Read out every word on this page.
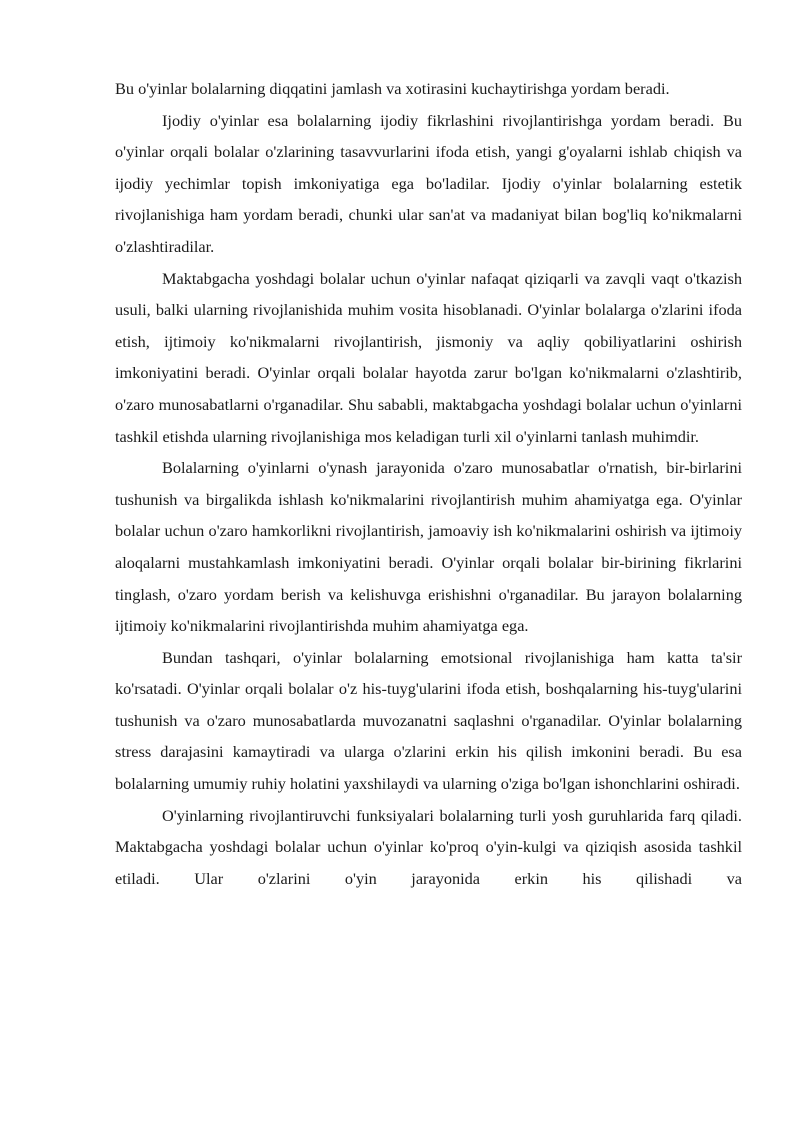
Bu o'yinlar bolalarning diqqatini jamlash va xotirasini kuchaytirishga yordam beradi.

Ijodiy o'yinlar esa bolalarning ijodiy fikrlashini rivojlantirishga yordam beradi. Bu o'yinlar orqali bolalar o'zlarining tasavvurlarini ifoda etish, yangi g'oyalarni ishlab chiqish va ijodiy yechimlar topish imkoniyatiga ega bo'ladilar. Ijodiy o'yinlar bolalarning estetik rivojlanishiga ham yordam beradi, chunki ular san'at va madaniyat bilan bog'liq ko'nikmalarni o'zlashtiradilar.

Maktabgacha yoshdagi bolalar uchun o'yinlar nafaqat qiziqarli va zavqli vaqt o'tkazish usuli, balki ularning rivojlanishida muhim vosita hisoblanadi. O'yinlar bolalarga o'zlarini ifoda etish, ijtimoiy ko'nikmalarni rivojlantirish, jismoniy va aqliy qobiliyatlarini oshirish imkoniyatini beradi. O'yinlar orqali bolalar hayotda zarur bo'lgan ko'nikmalarni o'zlashtirib, o'zaro munosabatlarni o'rganadilar. Shu sababli, maktabgacha yoshdagi bolalar uchun o'yinlarni tashkil etishda ularning rivojlanishiga mos keladigan turli xil o'yinlarni tanlash muhimdir.

Bolalarning o'yinlarni o'ynash jarayonida o'zaro munosabatlar o'rnatish, bir-birlarini tushunish va birgalikda ishlash ko'nikmalarini rivojlantirish muhim ahamiyatga ega. O'yinlar bolalar uchun o'zaro hamkorlikni rivojlantirish, jamoaviy ish ko'nikmalarini oshirish va ijtimoiy aloqalarni mustahkamlash imkoniyatini beradi. O'yinlar orqali bolalar bir-birining fikrlarini tinglash, o'zaro yordam berish va kelishuvga erishishni o'rganadilar. Bu jarayon bolalarning ijtimoiy ko'nikmalarini rivojlantirishda muhim ahamiyatga ega.

Bundan tashqari, o'yinlar bolalarning emotsional rivojlanishiga ham katta ta'sir ko'rsatadi. O'yinlar orqali bolalar o'z his-tuyg'ularini ifoda etish, boshqalarning his-tuyg'ularini tushunish va o'zaro munosabatlarda muvozanatni saqlashni o'rganadilar. O'yinlar bolalarning stress darajasini kamaytiradi va ularga o'zlarini erkin his qilish imkonini beradi. Bu esa bolalarning umumiy ruhiy holatini yaxshilaydi va ularning o'ziga bo'lgan ishonchlarini oshiradi.

O'yinlarning rivojlantiruvchi funksiyalari bolalarning turli yosh guruhlarida farq qiladi. Maktabgacha yoshdagi bolalar uchun o'yinlar ko'proq o'yin-kulgi va qiziqish asosida tashkil etiladi. Ular o'zlarini o'yin jarayonida erkin his qilishadi va
